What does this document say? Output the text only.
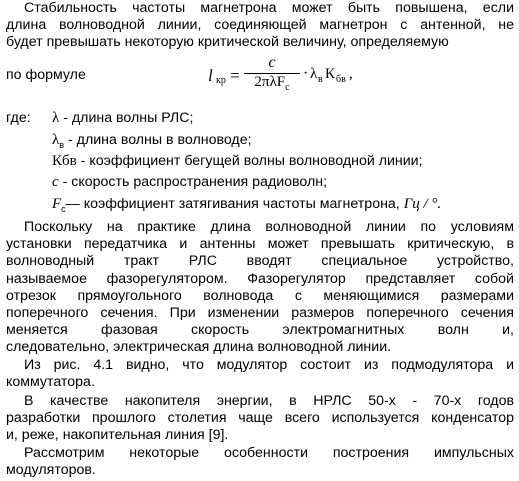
Стабильность частоты магнетрона может быть повышена, если
длина волноводной линии, соединяющей магнетрон с антенной, не
будет превышать некоторую критической величину, определяемую
по формуле	l кр =
c
2πλF$_c$
· λ в К бв ,
где: λ - длина волны РЛС;
$\lambda_в$ - длина волны в волноводе;
Кбв - коэффициент бегущей волны волноводной линии;
с - скорость распространения радиоволн;
$F_c—$ коэффициент затягивания частоты магнетрона, Гц / °.
Поскольку на практике длина волноводной линии по условиям
установки передатчика и антенны может превышать критическую, в
волноводный тракт РЛС вводят специальное устройство,
называемое фазорегулятором. Фазорегулятор представляет собой
отрезок прямоугольного волновода с меняющимися размерами
поперечного сечения. При изменении размеров поперечного сечения
меняется фазовая скорость электромагнитных волн и,
следовательно, электрическая длина волноводной линии.
Из рис. 4.1 видно, что модулятор состоит из подмодулятора и
коммутатора.
В качестве накопителя энергии, в НРЛС 50-х - 70-х годов
разработки прошлого столетия чаще всего используется конденсатор
и, реже, накопительная линия [9].
Рассмотрим некоторые особенности построения импульсных
модуляторов.
